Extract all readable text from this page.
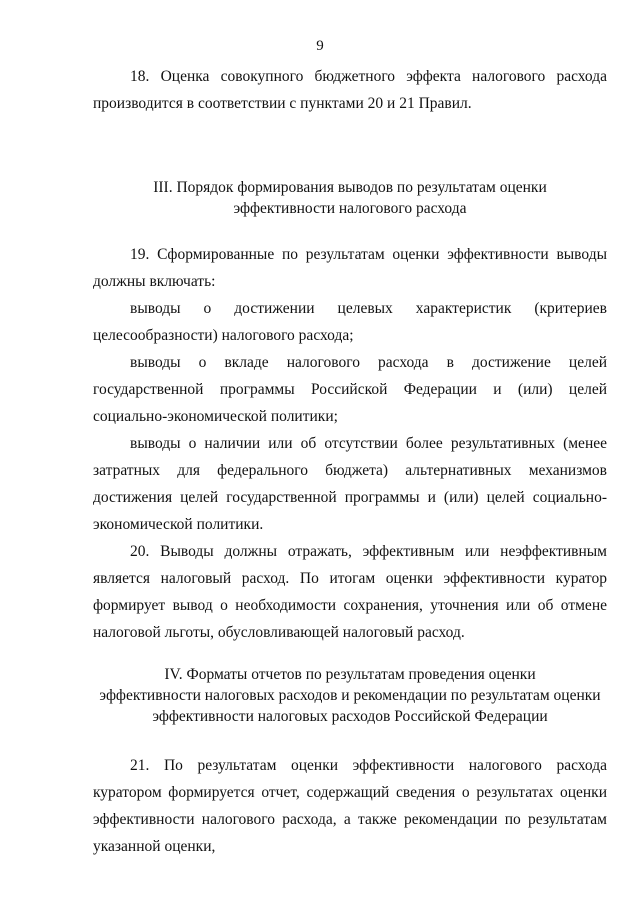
9

18. Оценка совокупного бюджетного эффекта налогового расхода производится в соответствии с пунктами 20 и 21 Правил.

III. Порядок формирования выводов по результатам оценки
эффективности налогового расхода

19. Сформированные по результатам оценки эффективности выводы должны включать:

выводы о достижении целевых характеристик (критериев целесообразности) налогового расхода;

выводы о вкладе налогового расхода в достижение целей государственной программы Российской Федерации и (или) целей социально-экономической политики;

выводы о наличии или об отсутствии более результативных (менее затратных для федерального бюджета) альтернативных механизмов достижения целей государственной программы и (или) целей социально-экономической политики.

20. Выводы должны отражать, эффективным или неэффективным является налоговый расход. По итогам оценки эффективности куратор формирует вывод о необходимости сохранения, уточнения или об отмене налоговой льготы, обусловливающей налоговый расход.

IV. Форматы отчетов по результатам проведения оценки
эффективности налоговых расходов и рекомендации по результатам оценки
эффективности налоговых расходов Российской Федерации

21. По результатам оценки эффективности налогового расхода куратором формируется отчет, содержащий сведения о результатах оценки эффективности налогового расхода, а также рекомендации по результатам указанной оценки,
